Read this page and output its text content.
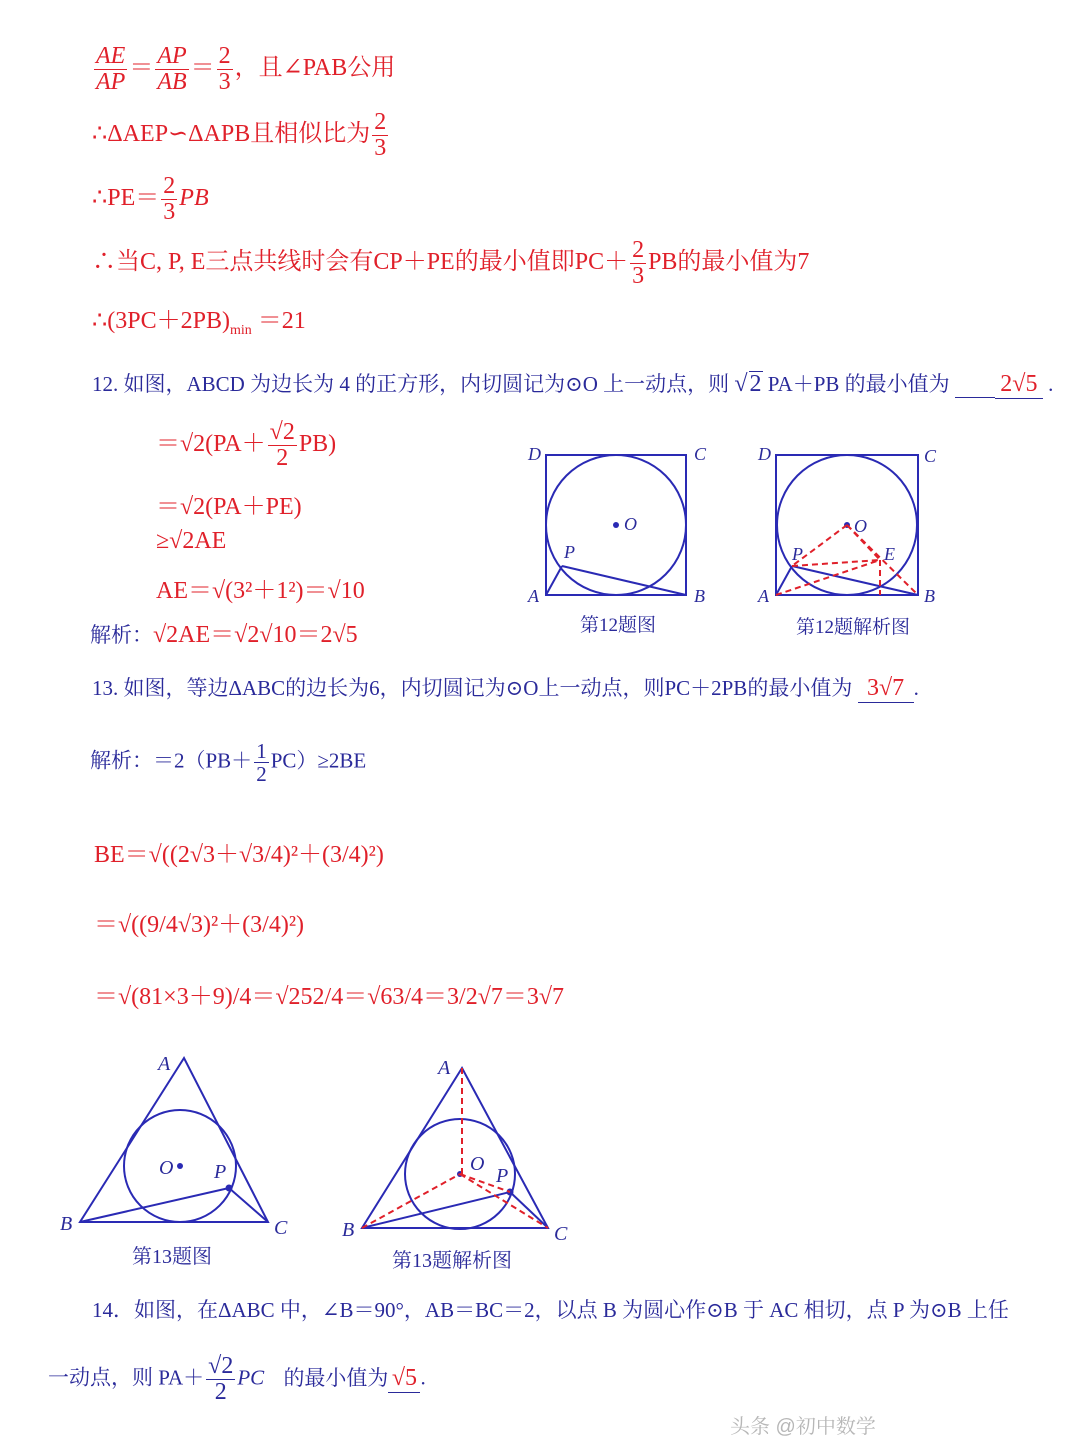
$\frac{AE}{AP} = \frac{AP}{AB} = \frac{2}{3}$ ，且∠PAB公用
∴ΔAEP∽ΔAPB且相似比为 $\frac{2}{3}$
∴PE＝ $\frac{2}{3}$ PB
∴当C, P, E三点共线时会有CP＋PE的最小值即$PC+ \frac{2}{3}$ PB的最小值为7
$\therefore(3PC+2PB)_{min} =21$
12. 如图，ABCD 为边长为 4 的正方形，内切圆记为⊙O 上一动点，则 √2 PA＋PB 的最小值为 2√5 .
$=√2(PA+ \frac{√2}{2} PB)$
＝√2(PA＋PE)
≥√2AE
AE＝√(3²＋1²)＝√10
解析：√2AE＝√2√10＝2√5
D	C
A	B
O
P
第12题图
D	C
A	B
O
P	E
第12题解析图
13. 如图，等边ΔABC的边长为6，内切圆记为⊙O上一动点，则PC＋2PB的最小值为 3√7 .
解析：$=2(PB+ \frac{1}{2} PC)\ge 2BE$
BE＝√((2√3＋√3/4)²＋(3/4)²)
＝√((9/4√3)²＋(3/4)²)
＝√(81×3＋9)/4＝√252/4＝√63/4＝3/2√7＝3√7
A
B	C
O P
第13题图
A
B	C
O
P
第13题解析图
14．如图，在ΔABC 中，∠B＝90°，AB＝BC＝2，以点 B 为圆心作⊙B 于 AC 相切，点 P 为⊙B 上任
一动点，则 $PA+ \frac{√2}{2}$ PC 的最小值为 √5 .
头条 @初中数学
